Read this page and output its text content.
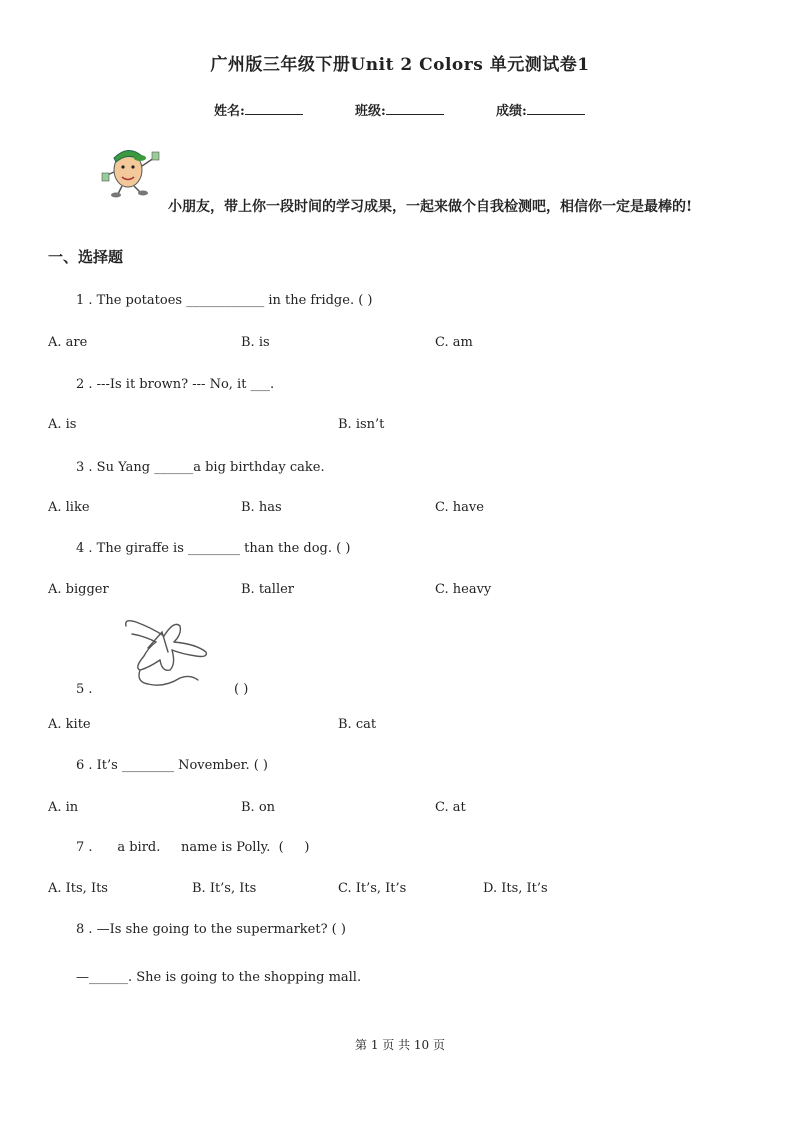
广州版三年级下册Unit 2 Colors 单元测试卷1
姓名:	班级:	成绩:
小朋友，带上你一段时间的学习成果，一起来做个自我检测吧，相信你一定是最棒的!
一、选择题
1 . The potatoes ____________ in the fridge. ( )
A. are	B. is	C. am
2 . ---Is it brown? --- No, it ___.
A. is	B. isn’t
3 . Su Yang ______a big birthday cake.
A. like	B. has	C. have
4 . The giraffe is ________ than the dog. ( )
A. bigger	B. taller	C. heavy
5 .	( )
A. kite	B. cat
6 . It’s ________ November. ( )
A. in	B. on	C. at
7 .      a bird.     name is Polly.  (     )
A. Its, Its	B. It’s, Its	C. It’s, It’s	D. Its, It’s
8 . —Is she going to the supermarket? ( )
—______. She is going to the shopping mall.
第 1 页 共 10 页
